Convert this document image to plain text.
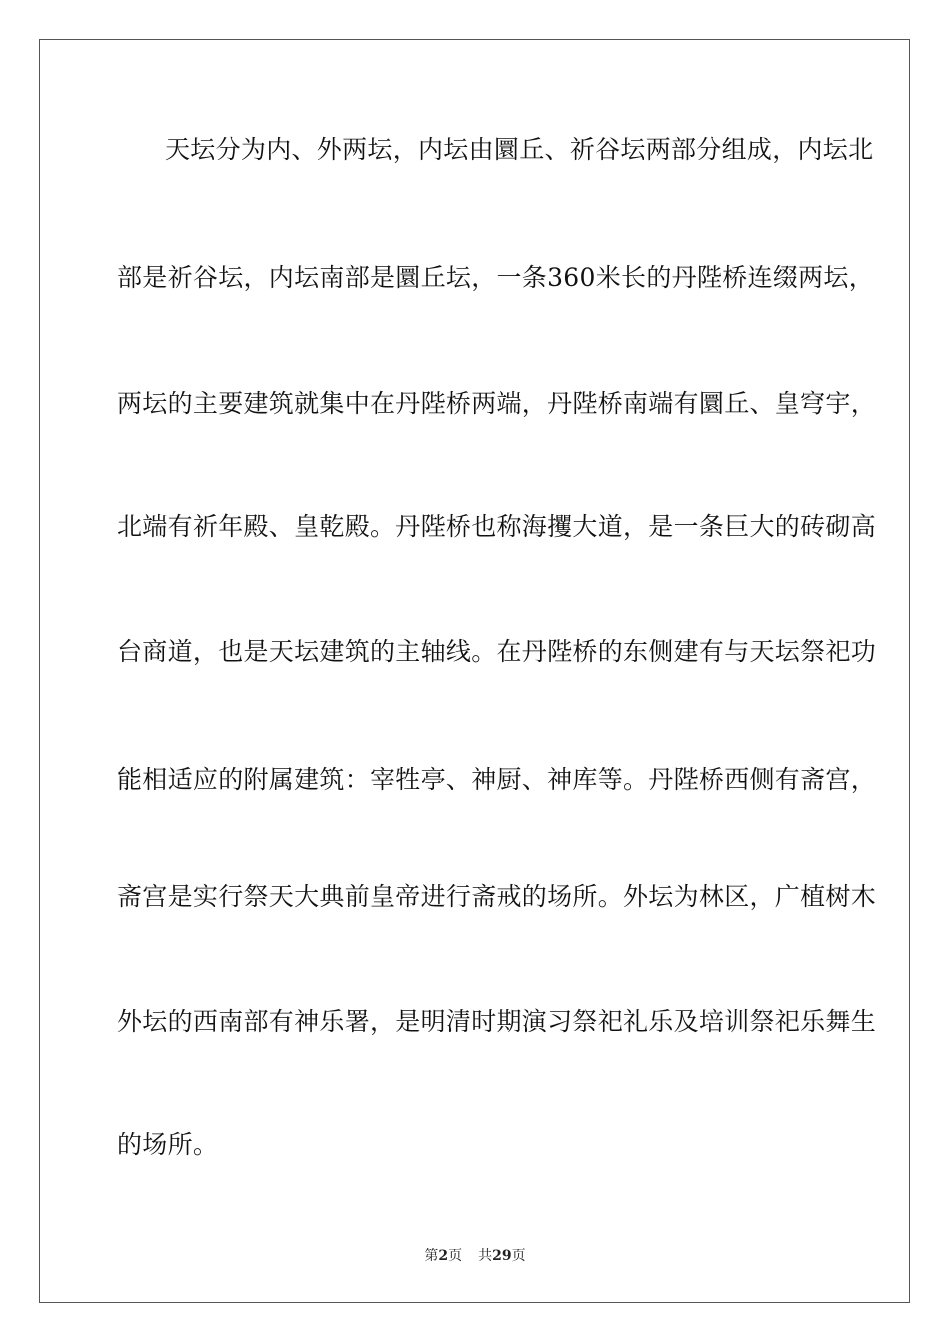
天坛分为内、外两坛，内坛由圜丘、祈谷坛两部分组成，内坛北
部是祈谷坛，内坛南部是圜丘坛，一条360米长的丹陛桥连缀两坛，
两坛的主要建筑就集中在丹陛桥两端，丹陛桥南端有圜丘、皇穹宇，
北端有祈年殿、皇乾殿。丹陛桥也称海攫大道，是一条巨大的砖砌高
台商道，也是天坛建筑的主轴线。在丹陛桥的东侧建有与天坛祭祀功
能相适应的附属建筑：宰牲亭、神厨、神库等。丹陛桥西侧有斋宫，
斋宫是实行祭天大典前皇帝进行斋戒的场所。外坛为林区，广植树木
外坛的西南部有神乐署，是明清时期演习祭祀礼乐及培训祭祀乐舞生
的场所。
第2页 共29页
